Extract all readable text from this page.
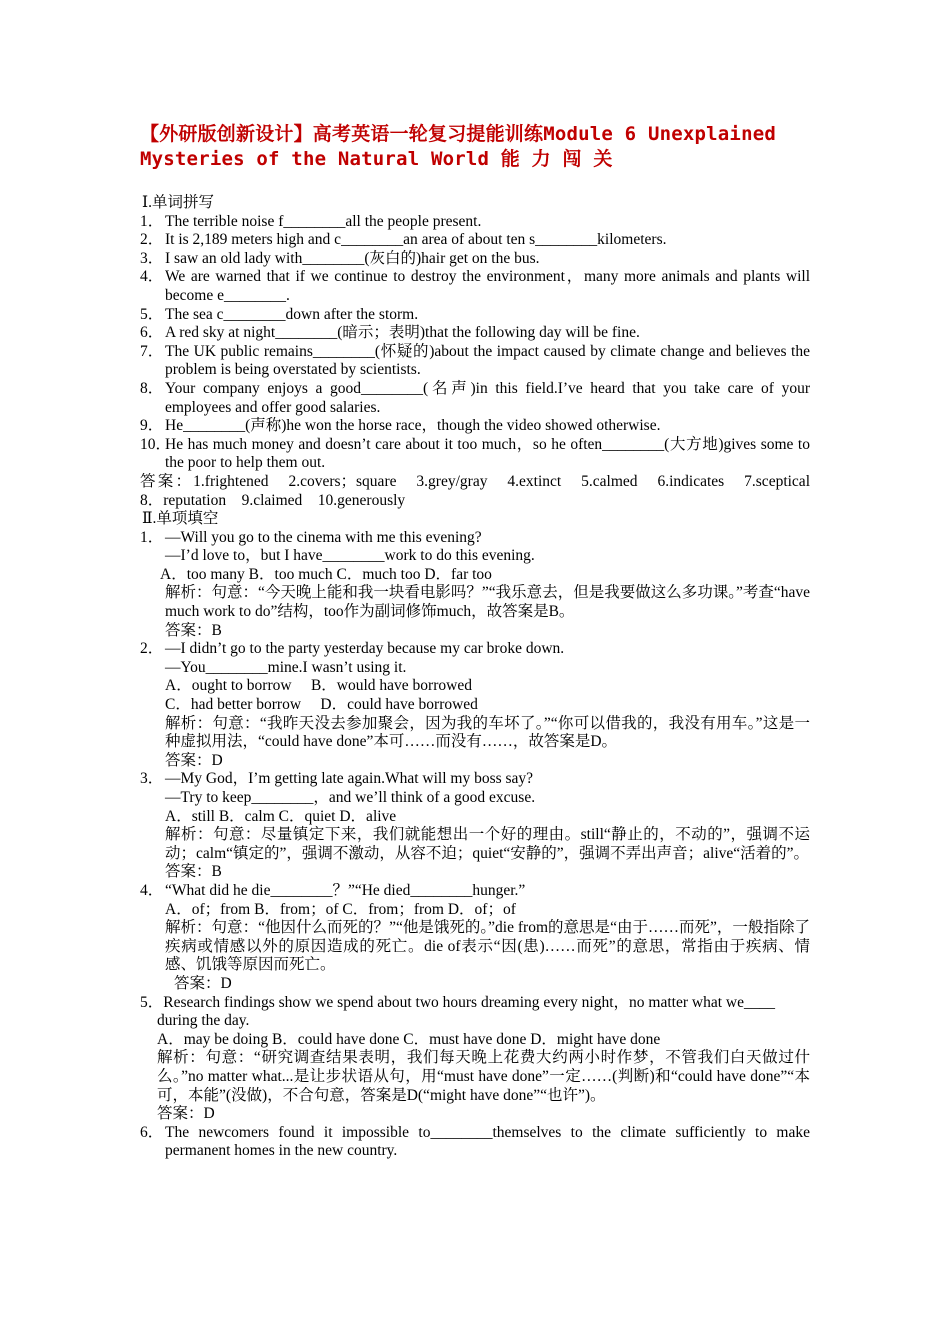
【外研版创新设计】高考英语一轮复习提能训练Module 6 Unexplained Mysteries of the Natural World 能 力 闯 关
Ⅰ.单词拼写
1． The terrible noise f________all the people present.
2． It is 2,189 meters high and c________an area of about ten s________kilometers.
3． I saw an old lady with________(灰白的)hair get on the bus.
4． We are warned that if we continue to destroy the environment，many more animals and plants will become e________.
5． The sea c________down after the storm.
6． A red sky at night________(暗示；表明)that the following day will be fine.
7． The UK public remains________(怀疑的)about the impact caused by climate change and believes the problem is being overstated by scientists.
8． Your company enjoys a good________(名声)in this field.I’ve heard that you take care of your employees and offer good salaries.
9． He________(声称)he won the horse race，though the video showed otherwise.
10．
He has much money and doesn’t care about it too much，so he often________(大方地)gives some to the poor to help them out.
答案：1.frightened　2.covers；square　3.grey/gray　4.extinct　5.calmed　6.indicates　7.sceptical　8．reputation　9.claimed　10.generously
Ⅱ.单项填空
1． —Will you go to the cinema with me this evening?
—I’d love to，but I have________work to do this evening.
A．too many B．too much C．much too D．far too
解析：句意：“今天晚上能和我一块看电影吗？”“我乐意去，但是我要做这么多功课。”考查“have much work to do”结构，too作为副词修饰much，故答案是B。
答案：B
2． —I didn’t go to the party yesterday because my car broke down.
—You________mine.I wasn’t using it.
A．ought to borrow　 B．would have borrowed
C．had better borrow　 D．could have borrowed
解析：句意：“我昨天没去参加聚会，因为我的车坏了。”“你可以借我的，我没有用车。”这是一种虚拟用法，“could have done”本可……而没有……，故答案是D。
答案：D
3． —My God，I’m getting late again.What will my boss say?
—Try to keep________，and we’ll think of a good excuse.
A．still B．calm C．quiet D．alive
解析：句意：尽量镇定下来，我们就能想出一个好的理由。still“静止的，不动的”，强调不运动；calm“镇定的”，强调不激动，从容不迫；quiet“安静的”，强调不弄出声音；alive“活着的”。
答案：B
4． “What did he die________？”“He died________hunger.”
A．of；from B．from；of C．from；from D．of；of
解析：句意：“他因什么而死的？”“他是饿死的。”die from的意思是“由于……而死”，一般指除了疾病或情感以外的原因造成的死亡。die of表示“因(患)……而死”的意思，常指由于疾病、情感、饥饿等原因而死亡。
答案：D
5．Research findings show we spend about two hours dreaming every night，no matter what we____
during the day.
A．may be doing B．could have done C．must have done D．might have done
解析：句意：“研究调查结果表明，我们每天晚上花费大约两小时作梦，不管我们白天做过什么。”no matter what...是让步状语从句，用“must have done”一定……(判断)和“could have done”“本可，本能”(没做)，不合句意，答案是D(“might have done”“也许”)。
答案：D
6． The newcomers found it impossible to________themselves to the climate sufficiently to make permanent homes in the new country.
